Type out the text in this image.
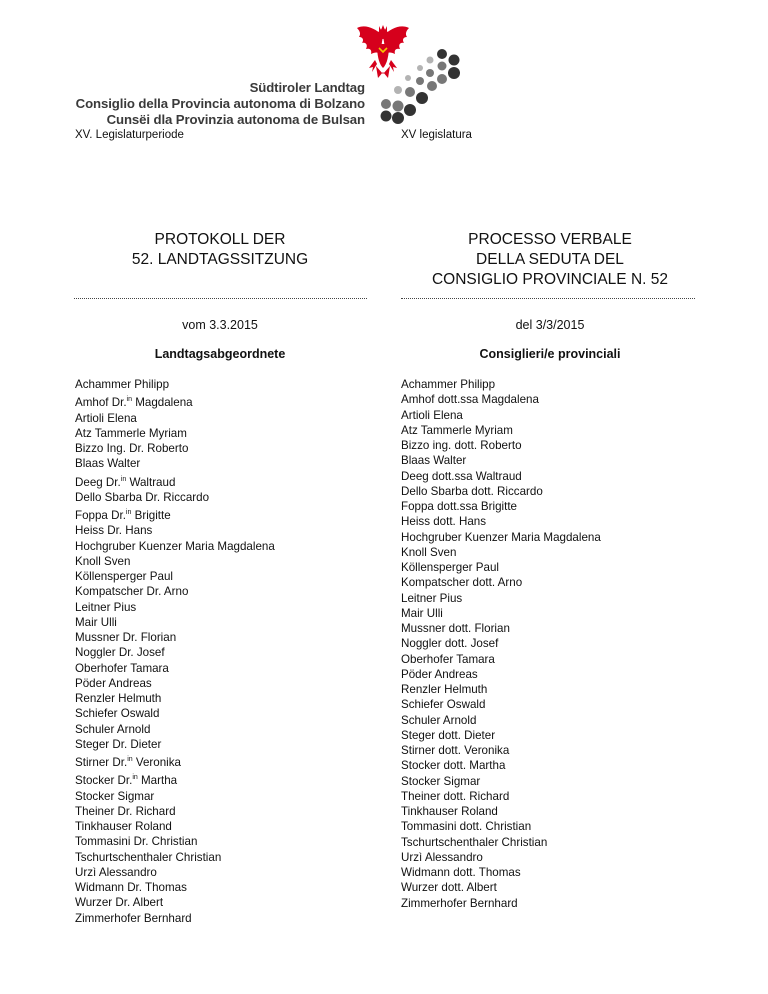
Südtiroler Landtag
Consiglio della Provincia autonoma di Bolzano
Cunsëi dla Provinzia autonoma de Bulsan
XV. Legislaturperiode	XV legislatura
PROTOKOLL DER
52. LANDTAGSSITZUNG
PROCESSO VERBALE
DELLA SEDUTA DEL
CONSIGLIO PROVINCIALE N. 52
vom 3.3.2015	del 3/3/2015
Landtagsabgeordnete	Consiglieri/e provinciali
Achammer Philipp
Amhof Dr.$^{in}$ Magdalena
Artioli Elena
Atz Tammerle Myriam
Bizzo Ing. Dr. Roberto
Blaas Walter
Deeg Dr.$^{in}$ Waltraud
Dello Sbarba Dr. Riccardo
Foppa Dr.$^{in}$ Brigitte
Heiss Dr. Hans
Hochgruber Kuenzer Maria Magdalena
Knoll Sven
Köllensperger Paul
Kompatscher Dr. Arno
Leitner Pius
Mair Ulli
Mussner Dr. Florian
Noggler Dr. Josef
Oberhofer Tamara
Pöder Andreas
Renzler Helmuth
Schiefer Oswald
Schuler Arnold
Steger Dr. Dieter
Stirner Dr.$^{in}$ Veronika
Stocker Dr.$^{in}$ Martha
Stocker Sigmar
Theiner Dr. Richard
Tinkhauser Roland
Tommasini Dr. Christian
Tschurtschenthaler Christian
Urzì Alessandro
Widmann Dr. Thomas
Wurzer Dr. Albert
Zimmerhofer Bernhard
Achammer Philipp
Amhof dott.ssa Magdalena
Artioli Elena
Atz Tammerle Myriam
Bizzo ing. dott. Roberto
Blaas Walter
Deeg dott.ssa Waltraud
Dello Sbarba dott. Riccardo
Foppa dott.ssa Brigitte
Heiss dott. Hans
Hochgruber Kuenzer Maria Magdalena
Knoll Sven
Köllensperger Paul
Kompatscher dott. Arno
Leitner Pius
Mair Ulli
Mussner dott. Florian
Noggler dott. Josef
Oberhofer Tamara
Pöder Andreas
Renzler Helmuth
Schiefer Oswald
Schuler Arnold
Steger dott. Dieter
Stirner dott. Veronika
Stocker dott. Martha
Stocker Sigmar
Theiner dott. Richard
Tinkhauser Roland
Tommasini dott. Christian
Tschurtschenthaler Christian
Urzì Alessandro
Widmann dott. Thomas
Wurzer dott. Albert
Zimmerhofer Bernhard
